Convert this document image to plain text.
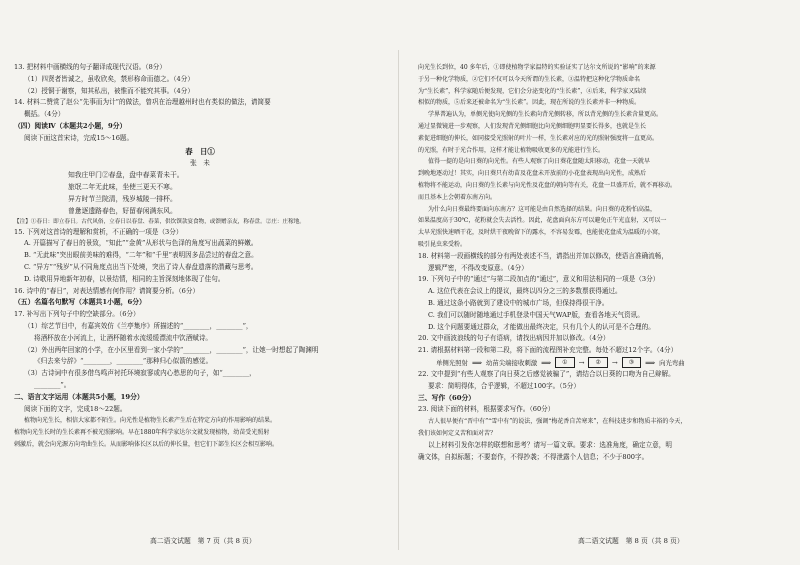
13. 把材料中画横线的句子翻译成现代汉语。（8分）
（1）四贤者皆诚之，虽收欣矣，禁形称命而德之。（4分）
（2）授铜于谢察，知其私出，被惟而不能究其事。（4分）
14. 材料二赞赏了赵公“先事而为计”的做法，曾巩在治理越州时也有类似的做法，请简要
概括。（4分）
（四）阅读Ⅳ（本题共2小题，9分）
阅读下面这首宋诗，完成15～16题。
春　日①
张　未
知我庄甲门②春盘，盘中春菜青未干。
旅氓二年无此味，坐使三更天不寒。
异方时节兰院清，残岁城陵一排杯。
曾惫逐遗路春色，好留春闲满东风。
【注】①春日：即立春日。古代风俗，立春日以春盘、春菜，供饮馔款宴食物，或馈赠亲友，称春盘。②庄：庄稼地。
15. 下列对这首诗的理解和赏析，不正确的一项是（3分）
A. 开篇描写了春日的景致，“知此”“金黄”从形状与色泽的角度写出蔬菜的鲜嫩。
B. “无此味”突出眼前美味的难得，“二年”和“千里”表明因多品尝过的春盘之意。
C. “异方”“残岁”从不同角度点出当下处境，突出了诗人春盘遗落的潜藏与思考。
D. 诗歌用异地新年初春，以景结情，相同的主旨深刻地体现了佳句。
16. 诗中的“春日”，对表达情感有何作用？请简要分析。（6分）
（五）名篇名句默写（本题共1小题，6分）
17. 补写出下列句子中的空缺部分。（6分）
（1）综艺节目中，有嘉宾效仿《兰亭集序》所描述的“________，________”，
将酒杯放在小河流上，让酒杯随着水流缓缓漂流中饮酒赋诗。
（2）外出两年回家的小学，在小区里看到一家小学的“________，________”，让她一时想起了陶渊明
《归去来兮辞》“________，________”那种归心似箭的感觉。
（3）古诗词中有很多借鸟鸣声衬托环境寂寥或内心愁思的句子，如“________，
________”。
二、语言文字运用（本题共5小题，19分）
阅读下面的文字，完成18～22题。
植物向光生长，相信大家都不陌生。向光性是植物生长素产生后在特定方向的作用影响的结果。
植物向光生长时的生长素再不被光照影响。早在1880年科学家达尔文就发现植物，幼苗受光照射
刺激后，就会向光源方向弯曲生长。从而影响体长区以后的伸长量，但它们下部生长区会相互影响。
高二语文试题　第 7 页（共 8 页）
向光生长到位，40 多年后，①即使植物学家温特的实验证实了达尔文所说的“影响”的来源
于另一种化学物质，②它们不仅可以今天所谓的生长素，③温特把这种化学物质命名
为“生长素”，科学家随后便发现，它们会分泌变化的“生长素”，④后来，科学家又陆续
相似的物质，⑤后来还被命名为“生长素”。因此，现在所说的生长素并非一种物质。
学界普遍认为，单侧光使向光侧的生长素向背光侧转移，所以背光侧的生长素含量更高。
通过显微镜进一步观察，人们发现背光侧细胞比向光侧细胞明显要长得多，也就是生长
素促进细胞的伸长，如同接受光照射的叶片一样，生长素对应的光的照射强度将一直更高。
的光照，有时于光合作用，这样才能让植物吸收更多的光能进行生长。
值得一提的是向日葵的向光性。有些人观察了向日葵花盘随太阳移动，花盘一天就早
到晚地逐动过！其实，向日葵只有幼苗及花盘未开放前的小花盘表现出向光性，成熟后
植物将不能运动，向日葵的生长素与向光性及花盘的朝向等有关，花盘一旦盛开后，就不再移动。
而且基本上会朝着东南方向。
为什么向日葵最终要面向东南方？这可能是由自然选择的结果。向日葵的花粉怕高温，
如果温度高于30℃，花粉就会失去活性。因此，花盘面向东方可以避免正午光直射，又可以一
太早光照快速晒干花，及时烘干夜晚留下的露水，不容易发霉，也能使花盘成为温暖的小窝，
吸引昆虫来受粉。
18. 材料第一段画横线的部分有两处表述不当，请指出并加以修改，使语言准确流畅，
逻辑严密，不得改变原意。（4分）
19. 下列句子中的“通过”与第二段加点的“通过”，意义和用法相同的一项是（3分）
A. 这位代表在会议上的提议，最终以四分之三的多数票获得通过。
B. 通过这条小路就到了建设中的城市广场，但保持得很干净。
C. 我们可以随时随地通过手机登录中国天气WAP版，查看各地天气资讯。
D. 这个问题要通过群众，才能做出最终决定，只有几个人的认可是不合理的。
20. 文中画波浪线的句子有语病，请找出病因并加以修改。（4分）
21. 请根据材料第一段和第二段，将下面的流程图补充完整。每处不超过12个字。（4分）
单侧光照射 ⟹ 幼苗尖端接收刺激 ⟹	①	→	②	→	③	⟹ 向光弯曲
22. 文中提到“有些人观察了向日葵之后感觉被骗了”，请结合以日葵的口吻为自己辩解。
要求：简明得体，合乎逻辑，不超过100字。（5分）
三、写作（60分）
23. 阅读下面的材料，根据要求写作。（60分）
古人很早便有“晋中有”“雪中有”的说法，强调“梅花香自苦寒来”，在科技进步和物质丰裕的今天，
我们该如何定义苦和面对苦？
以上材料引发你怎样的联想和思考？请写一篇文章。要求：选准角度，确定立意，明
确文体，自拟标题；不要套作，不得抄袭；不得泄露个人信息；不少于800字。
高二语文试题　第 8 页（共 8 页）
